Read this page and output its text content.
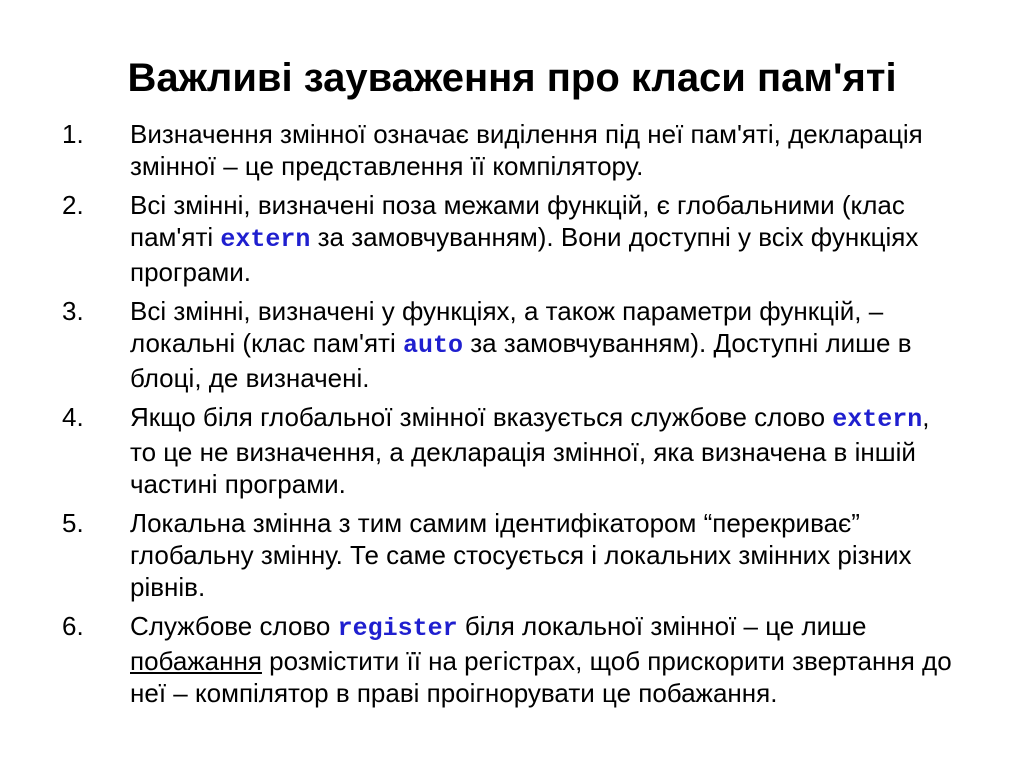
Важливі зауваження про класи пам'яті
1. Визначення змінної означає виділення під неї пам'яті, декларація змінної – це представлення її компілятору.
2. Всі змінні, визначені поза межами функцій, є глобальними (клас пам'яті extern за замовчуванням). Вони доступні у всіх функціях програми.
3. Всі змінні, визначені у функціях, а також параметри функцій, – локальні (клас пам'яті auto за замовчуванням). Доступні лише в блоці, де визначені.
4. Якщо біля глобальної змінної вказується службове слово extern, то це не визначення, а декларація змінної, яка визначена в іншій частині програми.
5. Локальна змінна з тим самим ідентифікатором “перекриває” глобальну змінну. Те саме стосується і локальних змінних різних рівнів.
6. Службове слово register біля локальної змінної – це лише побажання розмістити її на регістрах, щоб прискорити звертання до неї – компілятор в праві проігнорувати це побажання.
